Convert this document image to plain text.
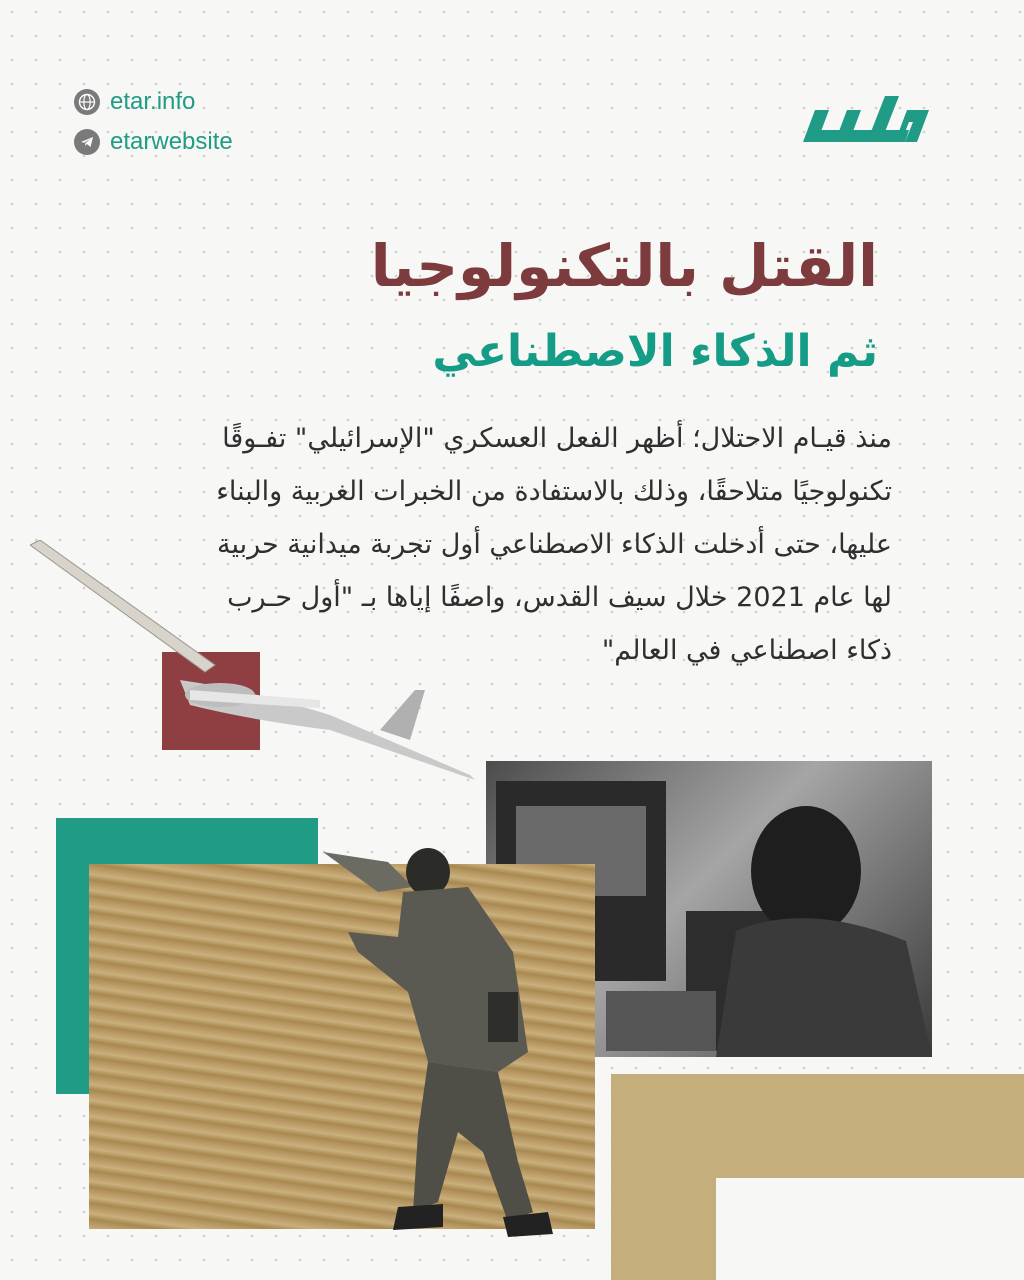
etar.info
etarwebsite
القتل بالتكنولوجيا
ثم الذكاء الاصطناعي
منذ قيـام الاحتلال؛ أظهر الفعل العسكري "الإسرائيلي" تفـوقًا
تكنولوجيًا متلاحقًا، وذلك بالاستفادة من الخبرات الغربية والبناء
عليها، حتى أدخلت الذكاء الاصطناعي أول تجربة ميدانية حربية
لها عام 2021 خلال سيف القدس، واصفًا إياها بـ "أول حـرب
ذكاء اصطناعي في العالم"
